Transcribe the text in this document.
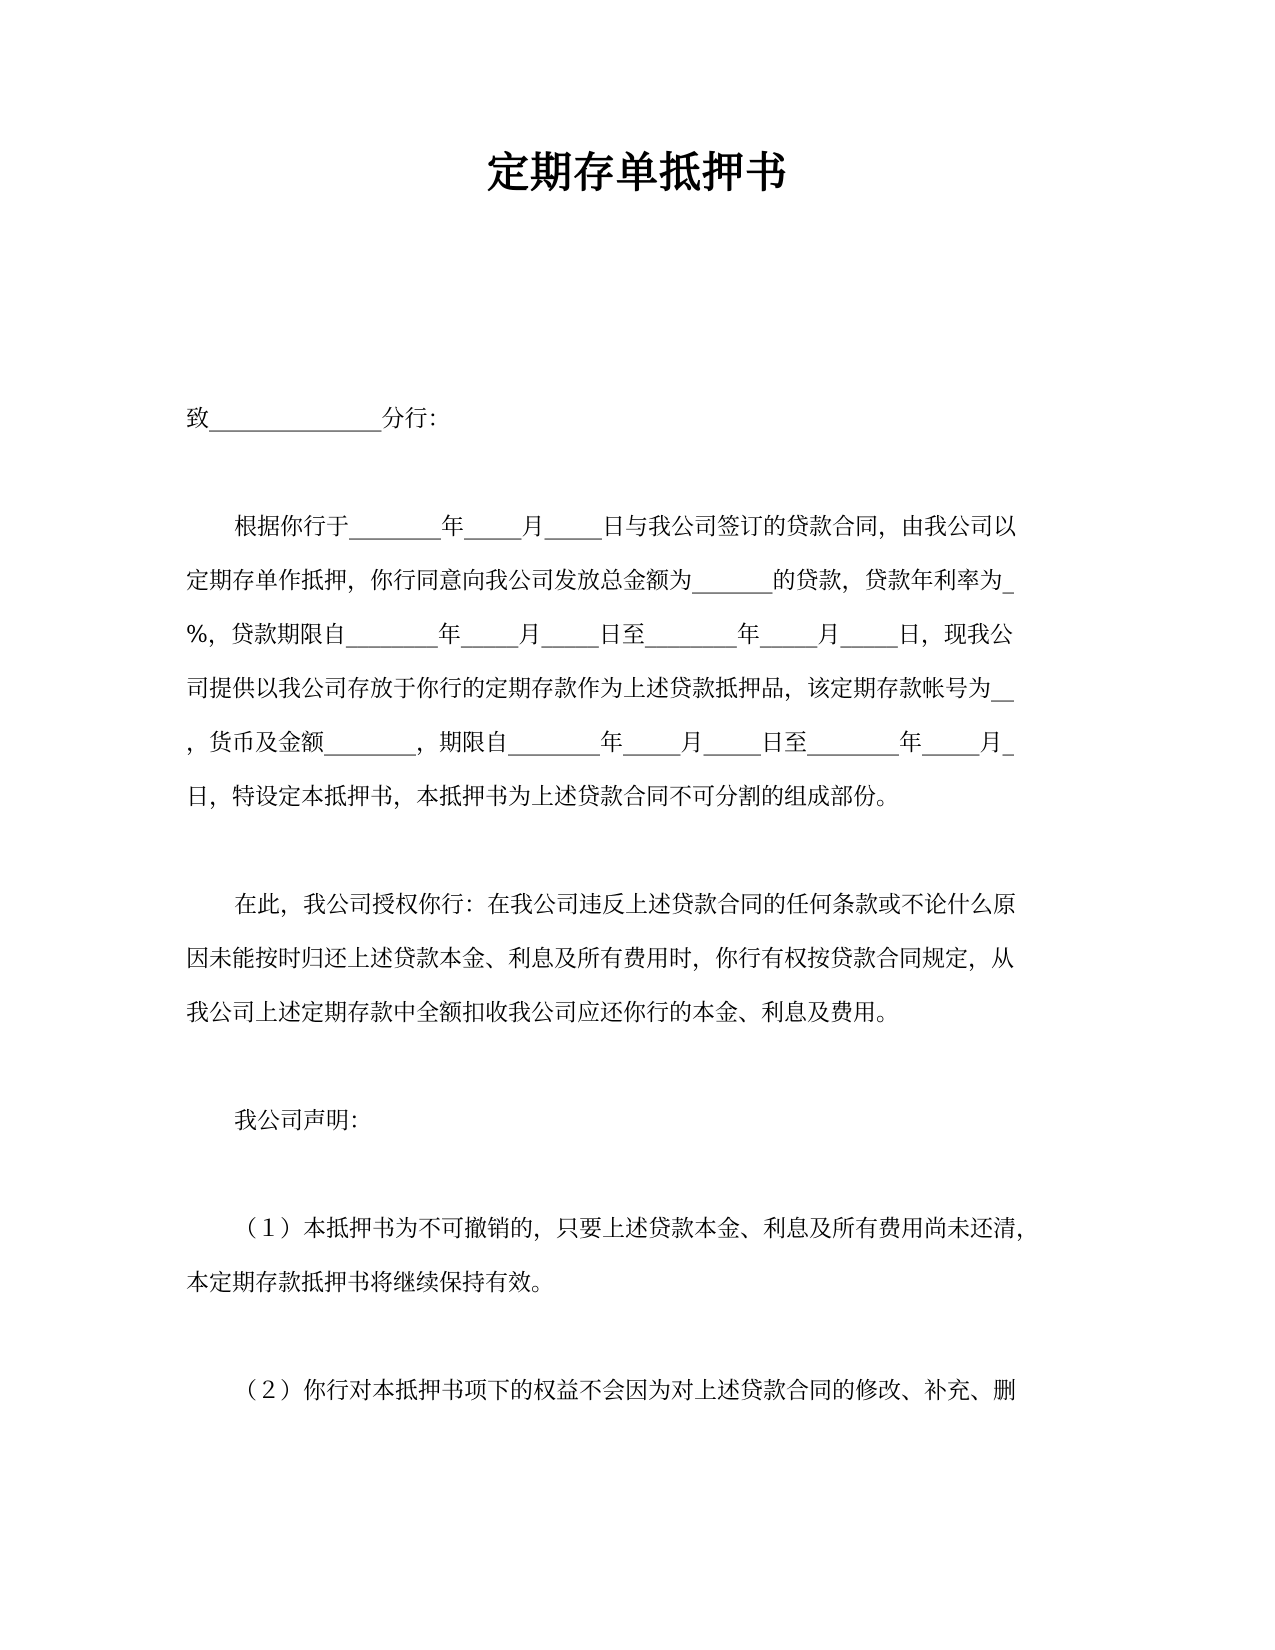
定期存单抵押书
致_______________分行：
根据你行于________年_____月_____日与我公司签订的贷款合同，由我公司以
定期存单作抵押，你行同意向我公司发放总金额为_______的贷款，贷款年利率为_
%，贷款期限自________年_____月_____日至________年_____月_____日，现我公
司提供以我公司存放于你行的定期存款作为上述贷款抵押品，该定期存款帐号为__
，货币及金额________，期限自________年_____月_____日至________年_____月_
日，特设定本抵押书，本抵押书为上述贷款合同不可分割的组成部份。
在此，我公司授权你行：在我公司违反上述贷款合同的任何条款或不论什么原
因未能按时归还上述贷款本金、利息及所有费用时，你行有权按贷款合同规定，从
我公司上述定期存款中全额扣收我公司应还你行的本金、利息及费用。
我公司声明：
（１）本抵押书为不可撤销的，只要上述贷款本金、利息及所有费用尚未还清，
本定期存款抵押书将继续保持有效。
（２）你行对本抵押书项下的权益不会因为对上述贷款合同的修改、补充、删
